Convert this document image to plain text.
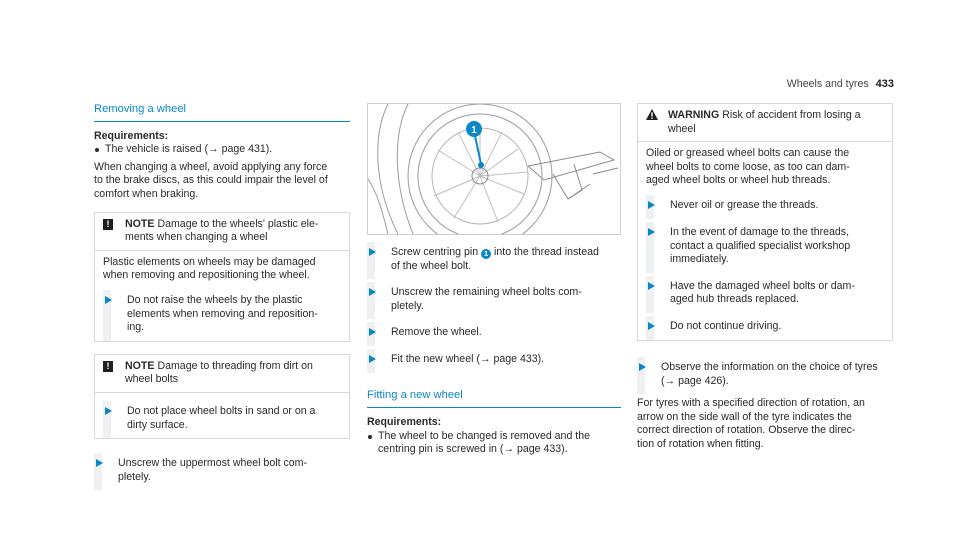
Wheels and tyres 433
Removing a wheel
Requirements:
The vehicle is raised (→ page 431).
When changing a wheel, avoid applying any force
to the brake discs, as this could impair the level of
comfort when braking.
!	NOTE Damage to the wheels' plastic ele-
ments when changing a wheel
Plastic elements on wheels may be damaged
when removing and repositioning the wheel.
Do not raise the wheels by the plastic
elements when removing and reposition-
ing.
!	NOTE Damage to threading from dirt on
wheel bolts
Do not place wheel bolts in sand or on a
dirty surface.
Unscrew the uppermost wheel bolt com-
pletely.
1
Screw centring pin 1 into the thread instead
of the wheel bolt.
Unscrew the remaining wheel bolts com-
pletely.
Remove the wheel.
Fit the new wheel (→ page 433).
Fitting a new wheel
Requirements:
The wheel to be changed is removed and the
centring pin is screwed in (→ page 433).
WARNING Risk of accident from losing a
wheel
Oiled or greased wheel bolts can cause the
wheel bolts to come loose, as too can dam-
aged wheel bolts or wheel hub threads.
Never oil or grease the threads.
In the event of damage to the threads,
contact a qualified specialist workshop
immediately.
Have the damaged wheel bolts or dam-
aged hub threads replaced.
Do not continue driving.
Observe the information on the choice of tyres
(→ page 426).
For tyres with a specified direction of rotation, an
arrow on the side wall of the tyre indicates the
correct direction of rotation. Observe the direc-
tion of rotation when fitting.
